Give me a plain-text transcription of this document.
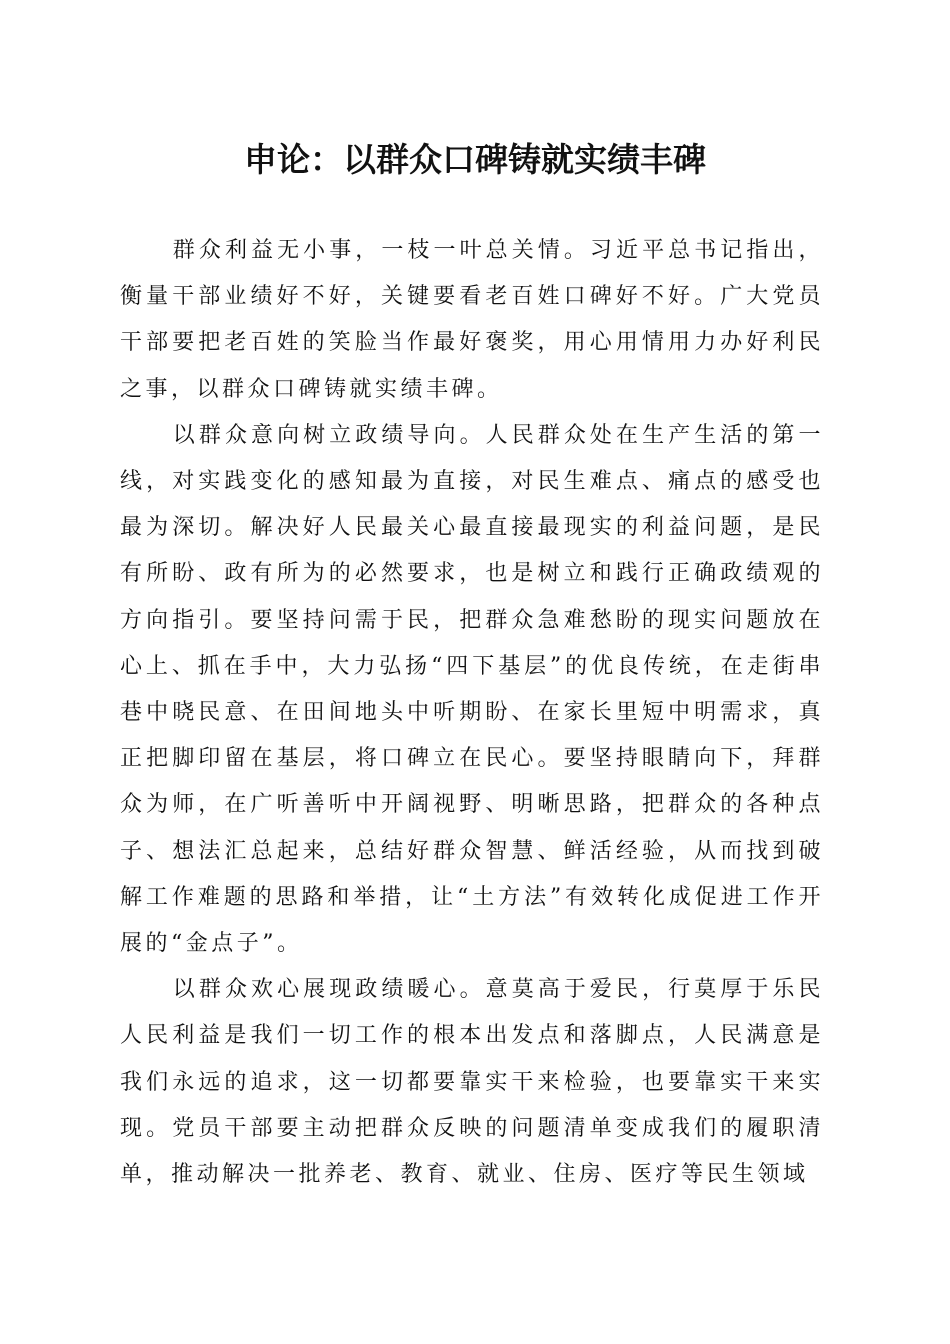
申论：以群众口碑铸就实绩丰碑

群众利益无小事，一枝一叶总关情。习近平总书记指出，衡量干部业绩好不好，关键要看老百姓口碑好不好。广大党员干部要把老百姓的笑脸当作最好褒奖，用心用情用力办好利民之事，以群众口碑铸就实绩丰碑。

以群众意向树立政绩导向。人民群众处在生产生活的第一线，对实践变化的感知最为直接，对民生难点、痛点的感受也最为深切。解决好人民最关心最直接最现实的利益问题，是民有所盼、政有所为的必然要求，也是树立和践行正确政绩观的方向指引。要坚持问需于民，把群众急难愁盼的现实问题放在心上、抓在手中，大力弘扬“四下基层”的优良传统，在走街串巷中晓民意、在田间地头中听期盼、在家长里短中明需求，真正把脚印留在基层，将口碑立在民心。要坚持眼睛向下，拜群众为师，在广听善听中开阔视野、明晰思路，把群众的各种点子、想法汇总起来，总结好群众智慧、鲜活经验，从而找到破解工作难题的思路和举措，让“土方法”有效转化成促进工作开展的“金点子”。

以群众欢心展现政绩暖心。意莫高于爱民，行莫厚于乐民人民利益是我们一切工作的根本出发点和落脚点，人民满意是我们永远的追求，这一切都要靠实干来检验，也要靠实干来实现。党员干部要主动把群众反映的问题清单变成我们的履职清单，推动解决一批养老、教育、就业、住房、医疗等民生领域
